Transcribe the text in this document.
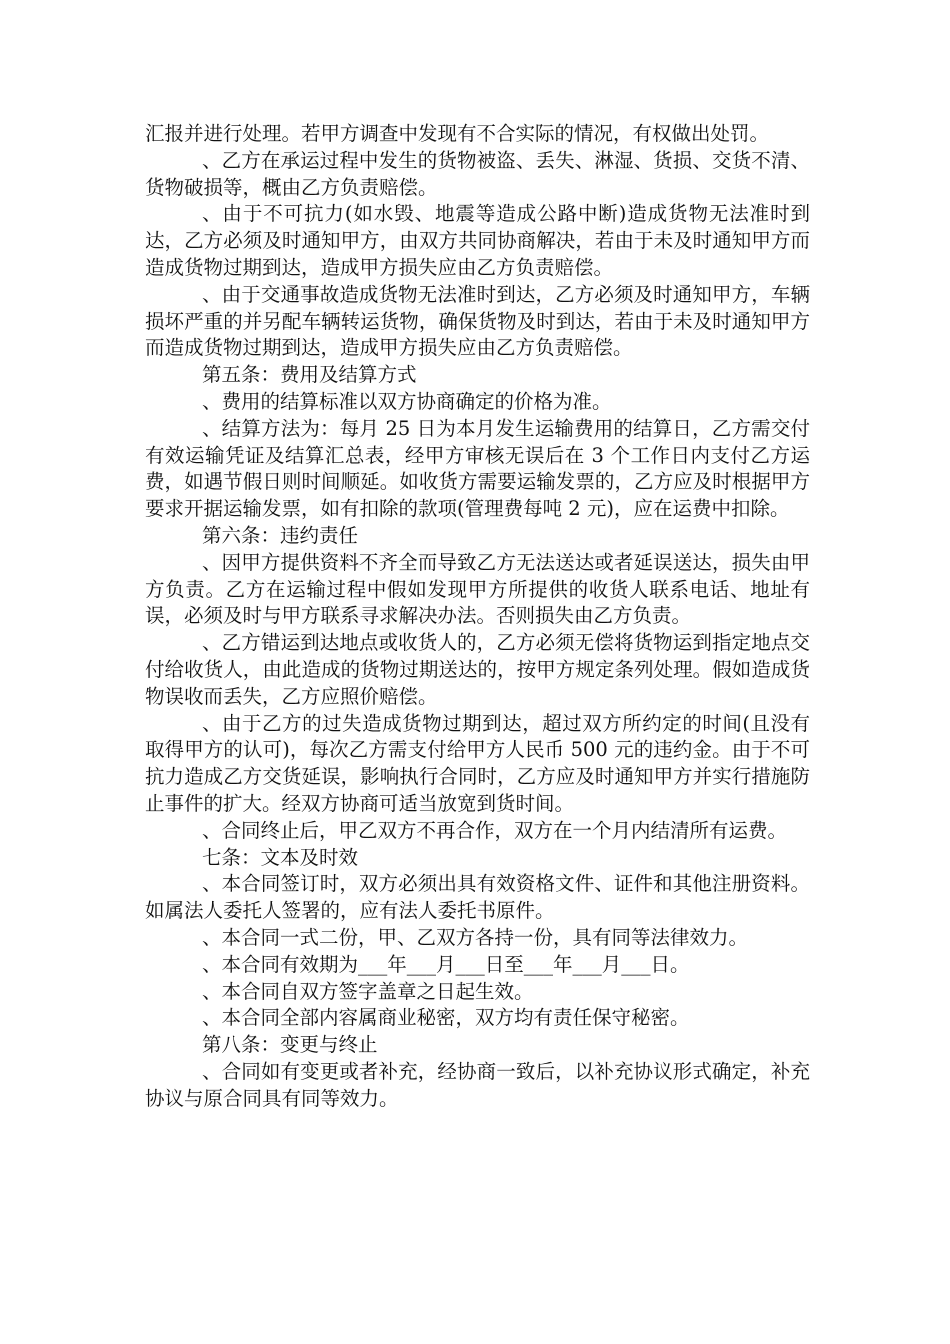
汇报并进行处理。若甲方调查中发现有不合实际的情况，有权做出处罚。

、乙方在承运过程中发生的货物被盗、丢失、淋湿、货损、交货不清、货物破损等，概由乙方负责赔偿。

、由于不可抗力(如水毁、地震等造成公路中断)造成货物无法准时到达，乙方必须及时通知甲方，由双方共同协商解决，若由于未及时通知甲方而造成货物过期到达，造成甲方损失应由乙方负责赔偿。

、由于交通事故造成货物无法准时到达，乙方必须及时通知甲方，车辆损坏严重的并另配车辆转运货物，确保货物及时到达，若由于未及时通知甲方而造成货物过期到达，造成甲方损失应由乙方负责赔偿。

第五条：费用及结算方式

、费用的结算标准以双方协商确定的价格为准。

、结算方法为：每月 25 日为本月发生运输费用的结算日，乙方需交付有效运输凭证及结算汇总表，经甲方审核无误后在 3 个工作日内支付乙方运费，如遇节假日则时间顺延。如收货方需要运输发票的，乙方应及时根据甲方要求开据运输发票，如有扣除的款项(管理费每吨 2 元)，应在运费中扣除。

第六条：违约责任

、因甲方提供资料不齐全而导致乙方无法送达或者延误送达，损失由甲方负责。乙方在运输过程中假如发现甲方所提供的收货人联系电话、地址有误，必须及时与甲方联系寻求解决办法。否则损失由乙方负责。

、乙方错运到达地点或收货人的，乙方必须无偿将货物运到指定地点交付给收货人，由此造成的货物过期送达的，按甲方规定条列处理。假如造成货物误收而丢失，乙方应照价赔偿。

、由于乙方的过失造成货物过期到达，超过双方所约定的时间(且没有取得甲方的认可)，每次乙方需支付给甲方人民币 500 元的违约金。由于不可抗力造成乙方交货延误，影响执行合同时，乙方应及时通知甲方并实行措施防止事件的扩大。经双方协商可适当放宽到货时间。

、合同终止后，甲乙双方不再合作，双方在一个月内结清所有运费。

七条：文本及时效

、本合同签订时，双方必须出具有效资格文件、证件和其他注册资料。如属法人委托人签署的，应有法人委托书原件。

、本合同一式二份，甲、乙双方各持一份，具有同等法律效力。

、本合同有效期为___年___月___日至___年___月___日。

、本合同自双方签字盖章之日起生效。

、本合同全部内容属商业秘密，双方均有责任保守秘密。

第八条：变更与终止

、合同如有变更或者补充，经协商一致后，以补充协议形式确定，补充协议与原合同具有同等效力。
